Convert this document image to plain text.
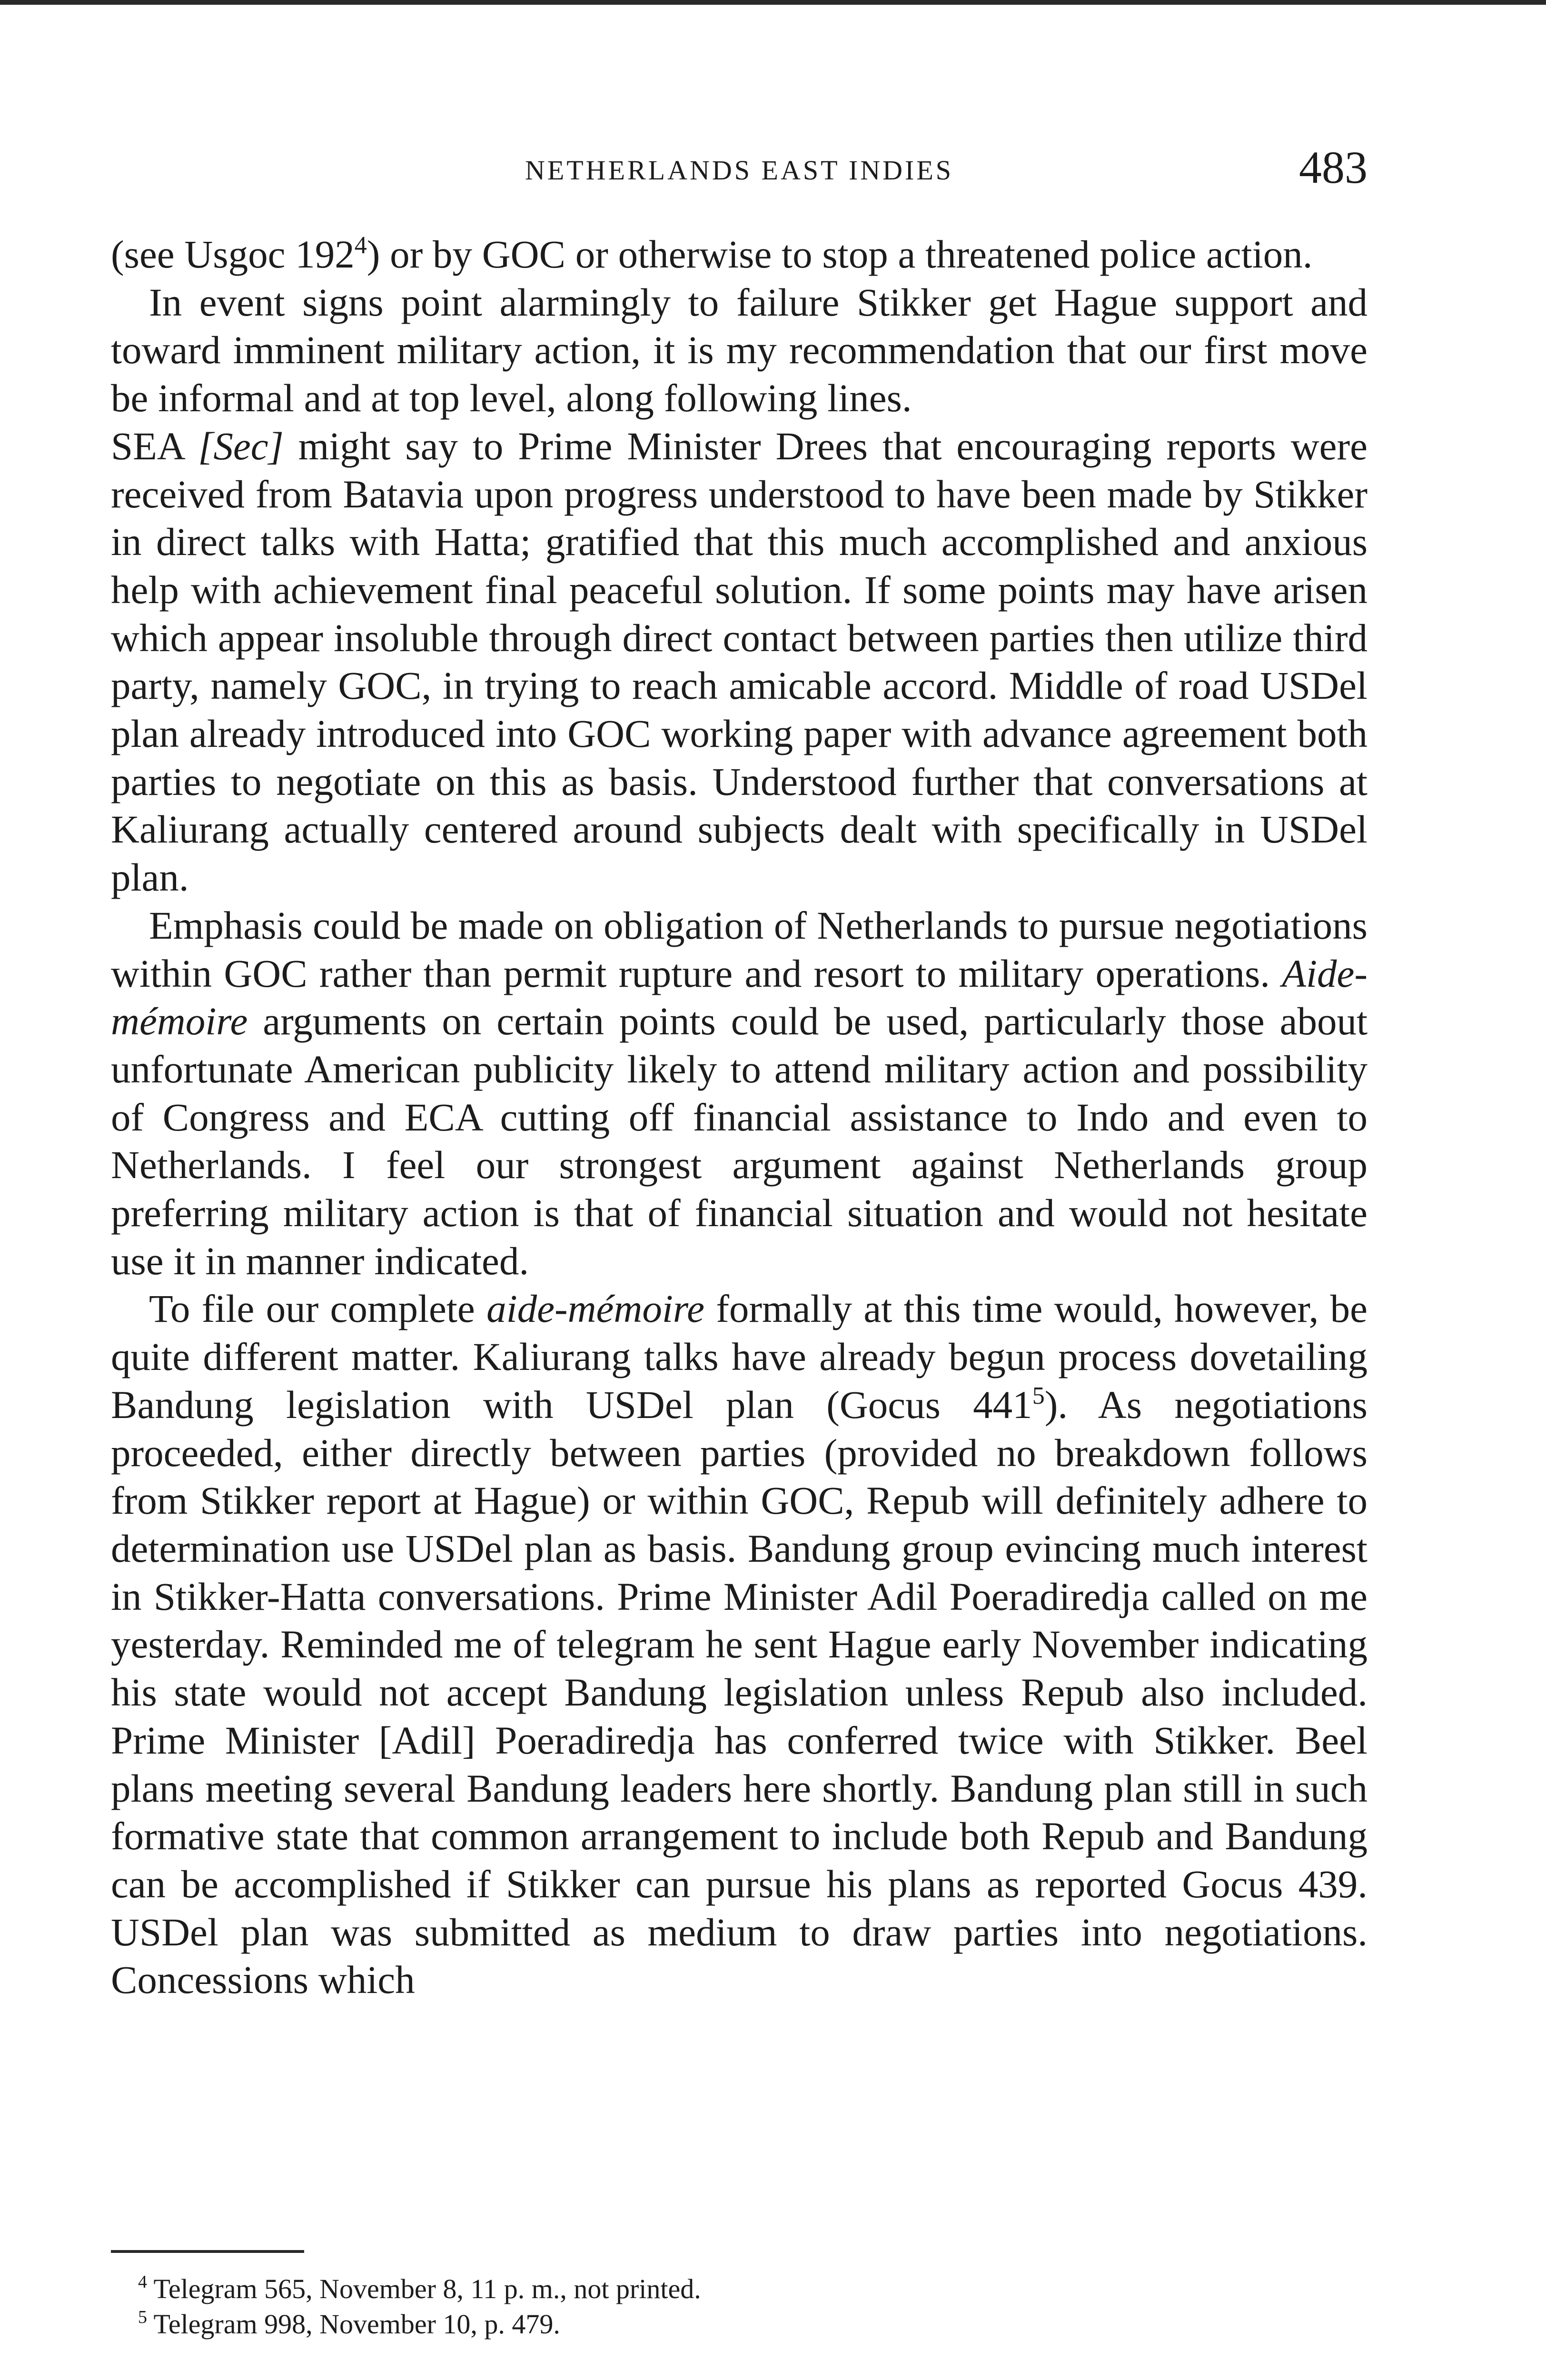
NETHERLANDS EAST INDIES	483

(see Usgoc $192^4$) or by GOC or otherwise to stop a threatened police action.

In event signs point alarmingly to failure Stikker get Hague support and toward imminent military action, it is my recommendation that our first move be informal and at top level, along following lines.

SEA [Sec] might say to Prime Minister Drees that encouraging reports were received from Batavia upon progress understood to have been made by Stikker in direct talks with Hatta; gratified that this much accomplished and anxious help with achievement final peaceful solution. If some points may have arisen which appear insoluble through direct contact between parties then utilize third party, namely GOC, in trying to reach amicable accord. Middle of road USDel plan already introduced into GOC working paper with advance agreement both parties to negotiate on this as basis. Understood further that conversations at Kaliurang actually centered around subjects dealt with specifically in USDel plan.

Emphasis could be made on obligation of Netherlands to pursue negotiations within GOC rather than permit rupture and resort to military operations. Aide-mémoire arguments on certain points could be used, particularly those about unfortunate American publicity likely to attend military action and possibility of Congress and ECA cutting off financial assistance to Indo and even to Netherlands. I feel our strongest argument against Netherlands group preferring military action is that of financial situation and would not hesitate use it in manner indicated.

To file our complete aide-mémoire formally at this time would, however, be quite different matter. Kaliurang talks have already begun process dovetailing Bandung legislation with USDel plan (Gocus $441^5$). As negotiations proceeded, either directly between parties (provided no breakdown follows from Stikker report at Hague) or within GOC, Repub will definitely adhere to determination use USDel plan as basis. Bandung group evincing much interest in Stikker-Hatta conversations. Prime Minister Adil Poeradiredja called on me yesterday. Reminded me of telegram he sent Hague early November indicating his state would not accept Bandung legislation unless Repub also included. Prime Minister [Adil] Poeradiredja has conferred twice with Stikker. Beel plans meeting several Bandung leaders here shortly. Bandung plan still in such formative state that common arrangement to include both Repub and Bandung can be accomplished if Stikker can pursue his plans as reported Gocus 439. USDel plan was submitted as medium to draw parties into negotiations. Concessions which

$^4$ Telegram 565, November 8, 11 p. m., not printed.

$^5$ Telegram 998, November 10, p. 479.
